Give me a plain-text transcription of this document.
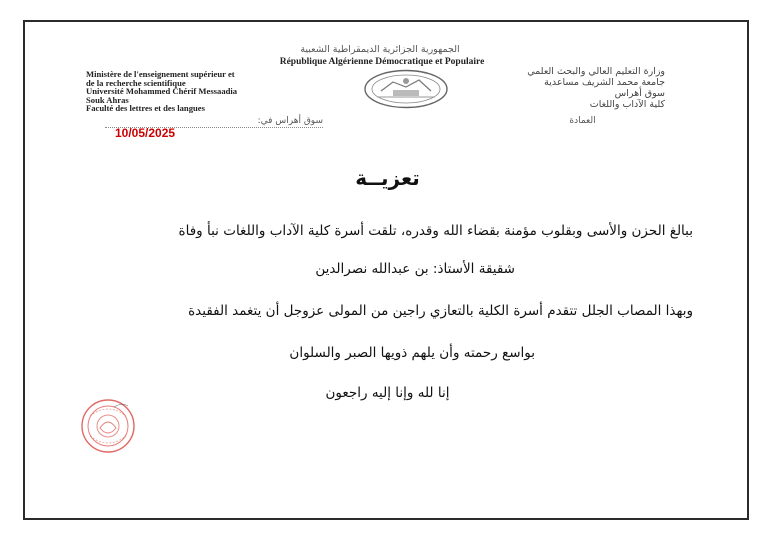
الجمهورية الجزائرية الديمقراطية الشعبية
République Algérienne Démocratique et Populaire
Ministère de l'enseignement supérieur et
de la recherche scientifique
Université Mohammed Chérif Messaadia
Souk Ahras
Faculté des lettres et des langues
وزارة التعليم العالي والبحث العلمي
جامعة محمد الشريف مساعدية
سوق أهراس
كلية الآداب واللغات
سوق أهراس في:	العمادة
10/05/2025
تعزيــة
ببالغ الحزن والأسى وبقلوب مؤمنة بقضاء الله وقدره، تلقت أسرة كلية الآداب واللغات نبأ وفاة
شقيقة الأستاذ: بن عبدالله نصرالدين
وبهذا المصاب الجلل تتقدم أسرة الكلية بالتعازي راجين من المولى عزوجل أن يتغمد الفقيدة
بواسع رحمته وأن يلهم ذويها الصبر والسلوان
إنا لله وإنا إليه راجعون
